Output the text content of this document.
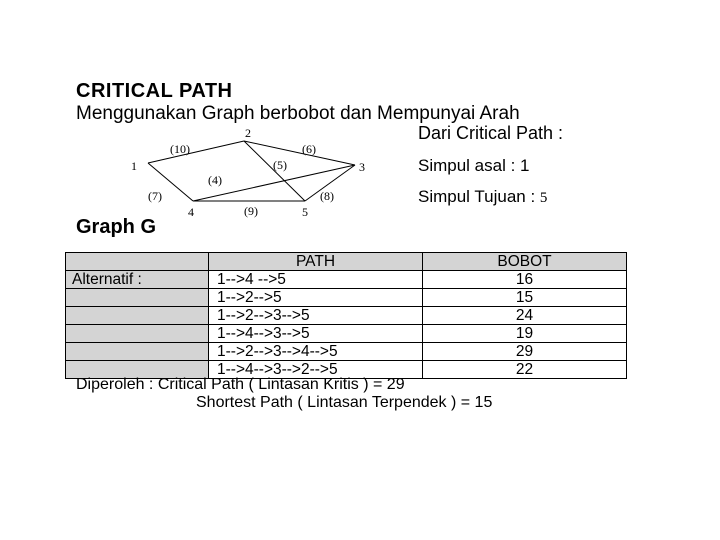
CRITICAL PATH
Menggunakan Graph berbobot dan Mempunyai Arah
Dari Critical Path :
Simpul asal : 1
Simpul Tujuan : 5
1
2
3
4	5
(10)	(6)
(5)
(4)
(7)
(9)
(8)
Graph G
	PATH	BOBOT
Alternatif :	1-->4 -->5	16
	1-->2-->5	15
	1-->2-->3-->5	24
	1-->4-->3-->5	19
	1-->2-->3-->4-->5	29
	1-->4-->3-->2-->5	22
Diperoleh : Critical Path ( Lintasan Kritis ) = 29
Shortest Path ( Lintasan Terpendek ) = 15
